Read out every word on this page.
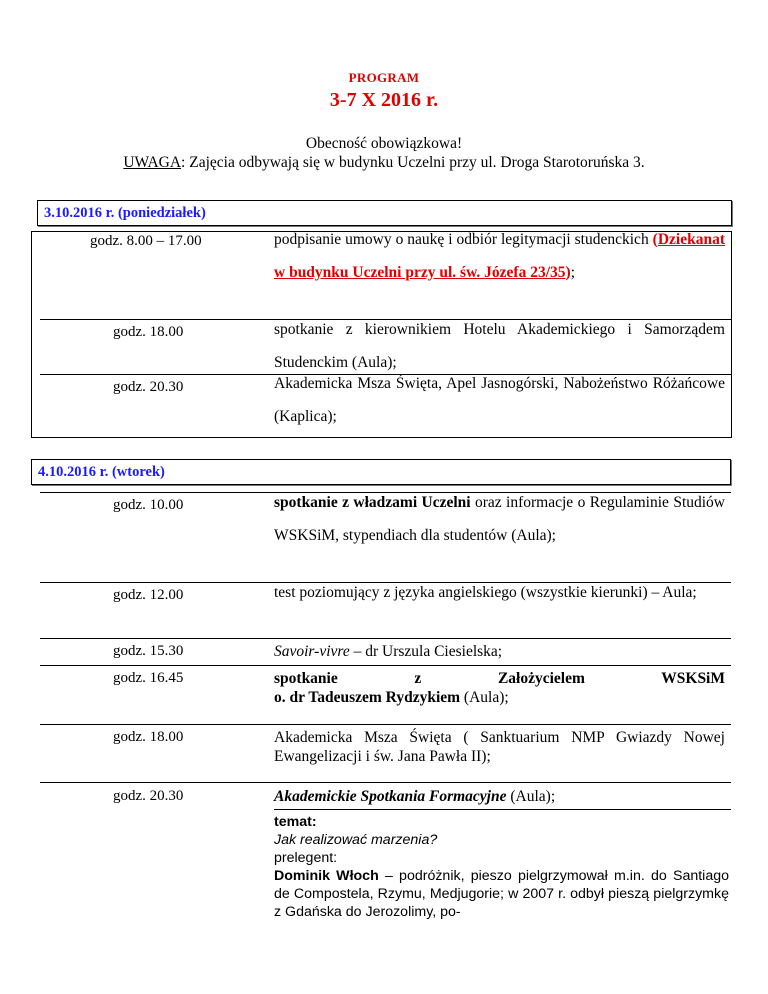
PROGRAM
3-7 X 2016 r.
Obecność obowiązkowa!
UWAGA: Zajęcia odbywają się w budynku Uczelni przy ul. Droga Starotoruńska 3.
3.10.2016 r. (poniedziałek)
godz. 8.00 – 17.00	podpisanie umowy o naukę i odbiór legitymacji studenckich (Dziekanat w budynku Uczelni przy ul. św. Józefa 23/35);
godz. 18.00	spotkanie z kierownikiem Hotelu Akademickiego i Samorządem Studenckim (Aula);
godz. 20.30	Akademicka Msza Święta, Apel Jasnogórski, Nabożeństwo Różańcowe (Kaplica);
4.10.2016 r. (wtorek)
godz. 10.00	spotkanie z władzami Uczelni oraz informacje o Regulaminie Studiów WSKSiM, stypendiach dla studentów (Aula);
godz. 12.00	test poziomujący z języka angielskiego (wszystkie kierunki) – Aula;
godz. 15.30	Savoir-vivre – dr Urszula Ciesielska;
godz. 16.45	spotkanie z Założycielem WSKSiM
o. dr Tadeuszem Rydzykiem (Aula);
godz. 18.00	Akademicka Msza Święta ( Sanktuarium NMP Gwiazdy Nowej Ewangelizacji i św. Jana Pawła II);
godz. 20.30	Akademickie Spotkania Formacyjne (Aula);
temat:
Jak realizować marzenia?
prelegent:
Dominik Włoch – podróżnik, pieszo pielgrzymował m.in. do Santiago de Compostela, Rzymu, Medjugorie; w 2007 r. odbył pieszą pielgrzymkę z Gdańska do Jerozolimy, po-
